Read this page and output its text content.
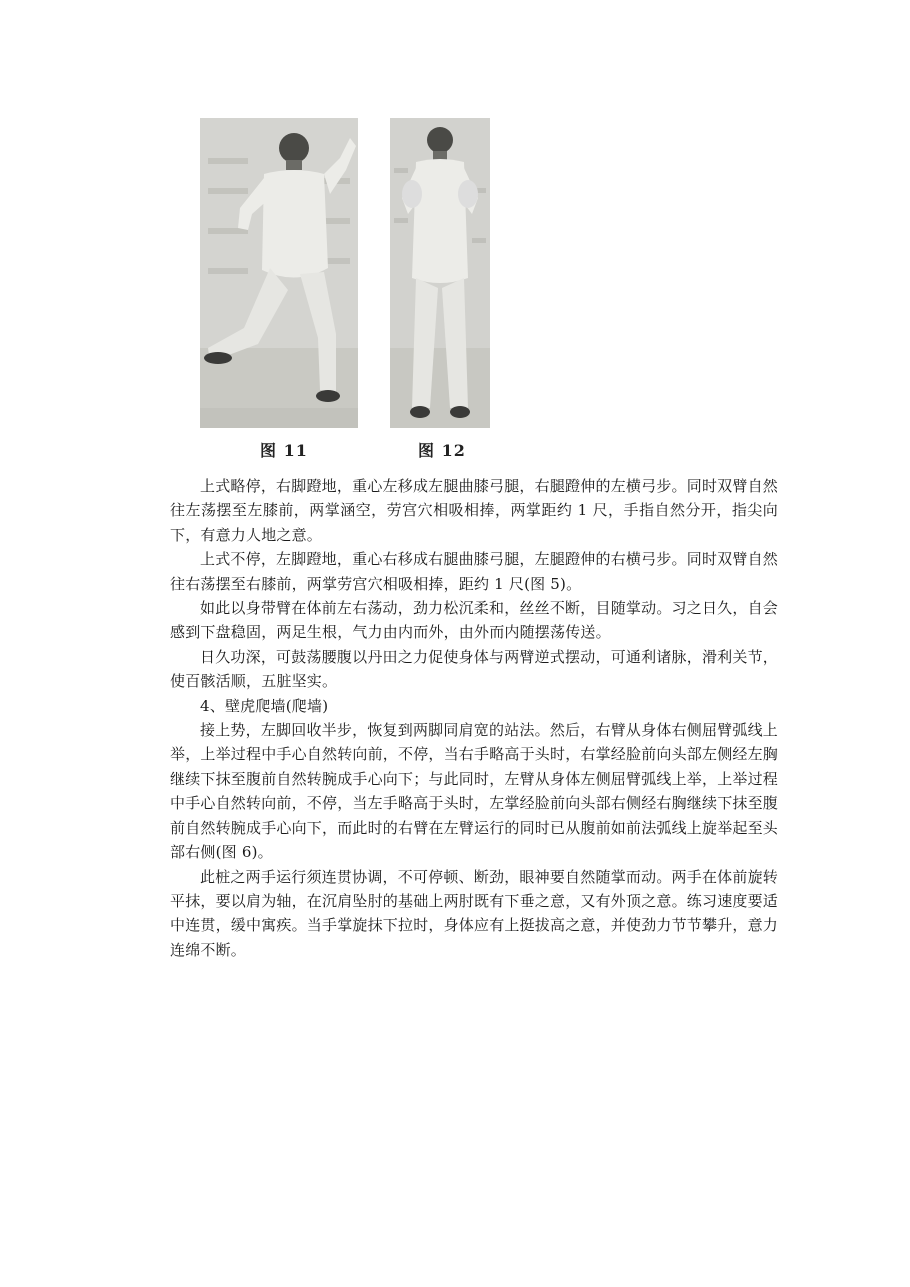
图 11	图 12

上式略停，右脚蹬地，重心左移成左腿曲膝弓腿，右腿蹬伸的左横弓步。同时双臂自然往左荡摆至左膝前，两掌涵空，劳宫穴相吸相捧，两掌距约 1 尺，手指自然分开，指尖向下，有意力人地之意。

上式不停，左脚蹬地，重心右移成右腿曲膝弓腿，左腿蹬伸的右横弓步。同时双臂自然往右荡摆至右膝前，两掌劳宫穴相吸相捧，距约 1 尺(图 5)。

如此以身带臂在体前左右荡动，劲力松沉柔和，丝丝不断，目随掌动。习之日久，自会感到下盘稳固，两足生根，气力由内而外，由外而内随摆荡传送。

日久功深，可鼓荡腰腹以丹田之力促使身体与两臂逆式摆动，可通利诸脉，滑利关节，使百骸活顺，五脏坚实。

4、壁虎爬墙(爬墙)

接上势，左脚回收半步，恢复到两脚同肩宽的站法。然后，右臂从身体右侧屈臂弧线上举，上举过程中手心自然转向前，不停，当右手略高于头时，右掌经脸前向头部左侧经左胸继续下抹至腹前自然转腕成手心向下；与此同时，左臂从身体左侧屈臂弧线上举，上举过程中手心自然转向前，不停，当左手略高于头时，左掌经脸前向头部右侧经右胸继续下抹至腹前自然转腕成手心向下，而此时的右臂在左臂运行的同时已从腹前如前法弧线上旋举起至头部右侧(图 6)。

此桩之两手运行须连贯协调，不可停顿、断劲，眼神要自然随掌而动。两手在体前旋转平抹，要以肩为轴，在沉肩坠肘的基础上两肘既有下垂之意，又有外顶之意。练习速度要适中连贯，缓中寓疾。当手掌旋抹下拉时，身体应有上挺拔高之意，并使劲力节节攀升，意力连绵不断。
